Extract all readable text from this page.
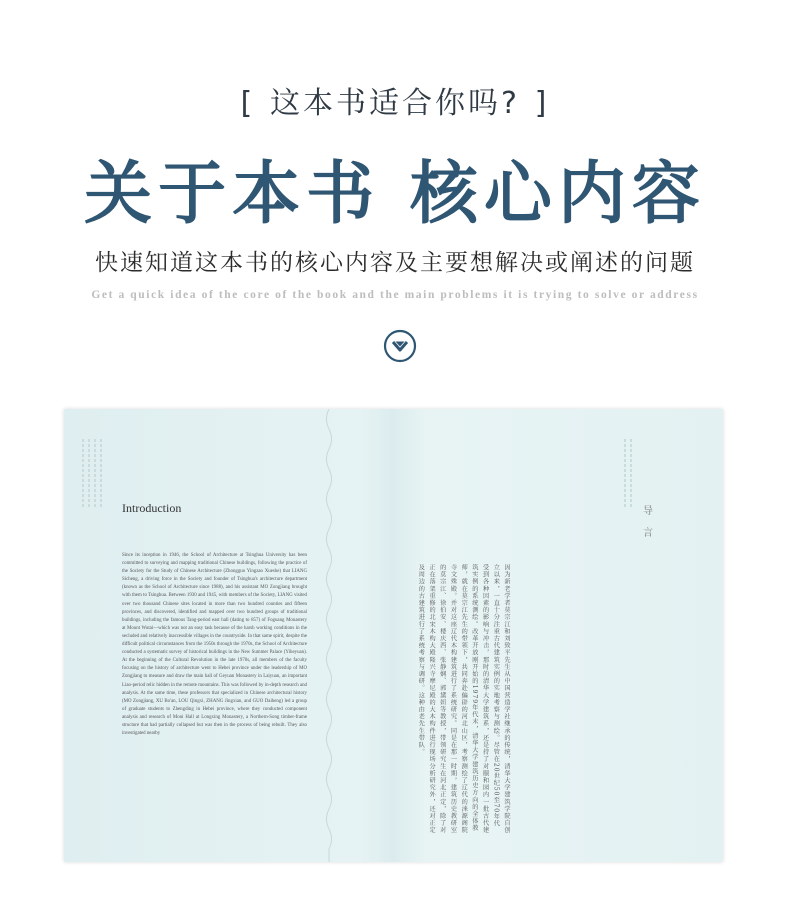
[ 这本书适合你吗? ]
关于本书 核心内容
快速知道这本书的核心内容及主要想解决或阐述的问题
Get a quick idea of the core of the book and the main problems it is trying to solve or address
Introduction
Since its inception in 1946, the School of Architecture at Tsinghua University has been committed to surveying and mapping traditional Chinese buildings, following the practice of the Society for the Study of Chinese Architecture (Zhongguo Yingzao Xueshe) that LIANG Sicheng, a driving force in the Society and founder of Tsinghua's architecture department (known as the School of Architecture since 1988), and his assistant MO Zongjiang brought with them to Tsinghua. Between 1930 and 1945, with members of the Society, LIANG visited over two thousand Chinese sites located in more than two hundred counties and fifteen provinces, and discovered, identified and mapped over two hundred groups of traditional buildings, including the famous Tang-period east hall (dating to 857) of Foguang Monastery at Mount Wutai—which was not an easy task because of the harsh working conditions in the secluded and relatively inaccessible villages in the countryside. In that same spirit, despite the difficult political circumstances from the 1950s through the 1970s, the School of Architecture conducted a systematic survey of historical buildings in the New Summer Palace (Yiheyuan). At the beginning of the Cultural Revolution in the late 1970s, all members of the faculty focusing on the history of architecture went to Hebei province under the leadership of MO Zongjiang to measure and draw the main hall of Geyuan Monastery in Laiyuan, an important Liao-period relic hidden in the remote mountains. This was followed by in-depth research and analysis. At the same time, these professors that specialized in Chinese architectural history (MO Zongjiang, XU Bo'an, LOU Qingxi, ZHANG Jingxian, and GUO Daiheng) led a group of graduate students to Zhengding in Hebei province, where they conducted component analysis and research of Moni Hall at Longxing Monastery, a Northern-Song timber-frame structure that had partially collapsed but was then in the process of being rebuilt. They also investigated nearby
导言
因为新老学者莫宗江和刘致平先生从中国营造学社继承的传统，清华大学建筑学院自创立以来，一直十分注重古代建筑实例的实地考察与测绘。尽管在20世纪50至70年代受到各种因素的影响与冲击，那时的清华大学建筑系，还是持了对颐和园内一批古代建筑实例的系统测绘。改革开放刚开始的1979年代末，清华大学建筑历史方向的全体教师，就在莫宗江先生的带领下，共同奔赴偏辟的河北山区，考察测绘了辽代的涞源阁院寺文殊殿。并对这座辽代木构建筑进行了系统研究。同是在那一时期，建筑历史教研室的莫宗江、徐伯安、楼庆西、张静娴、郭黛姮等教授，带领研究生在河北正定，除了对正在落架重修的北宋木构大殿隆兴寺摩尼殿的大木构件进行现场分析研究外，还对正定及周边的古建筑进行了系统考察与调研。这种由老先生带队。
